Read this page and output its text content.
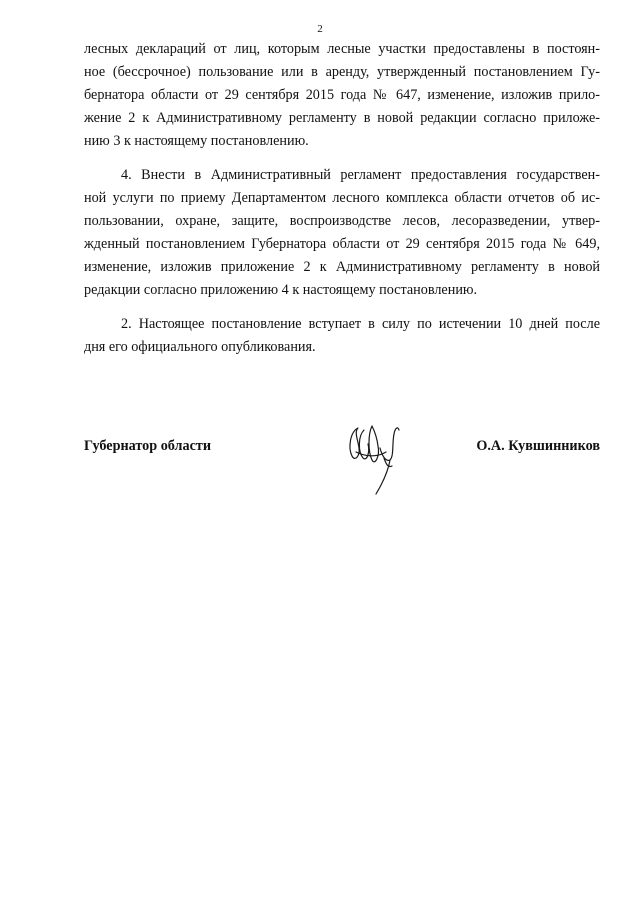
2
лесных деклараций от лиц, которым лесные участки предоставлены в постоян-
ное (бессрочное) пользование или в аренду, утвержденный постановлением Гу-
бернатора области от 29 сентября 2015 года № 647, изменение, изложив прило-
жение 2 к Административному регламенту в новой редакции согласно приложе-
нию 3 к настоящему постановлению.
4. Внести в Административный регламент предоставления государствен-
ной услуги по приему Департаментом лесного комплекса области отчетов об ис-
пользовании, охране, защите, воспроизводстве лесов, лесоразведении, утвер-
жденный постановлением Губернатора области от 29 сентября 2015 года № 649,
изменение, изложив приложение 2 к Административному регламенту в новой
редакции согласно приложению 4 к настоящему постановлению.
2. Настоящее постановление вступает в силу по истечении 10 дней после
дня его официального опубликования.
Губернатор области	О.А. Кувшинников
